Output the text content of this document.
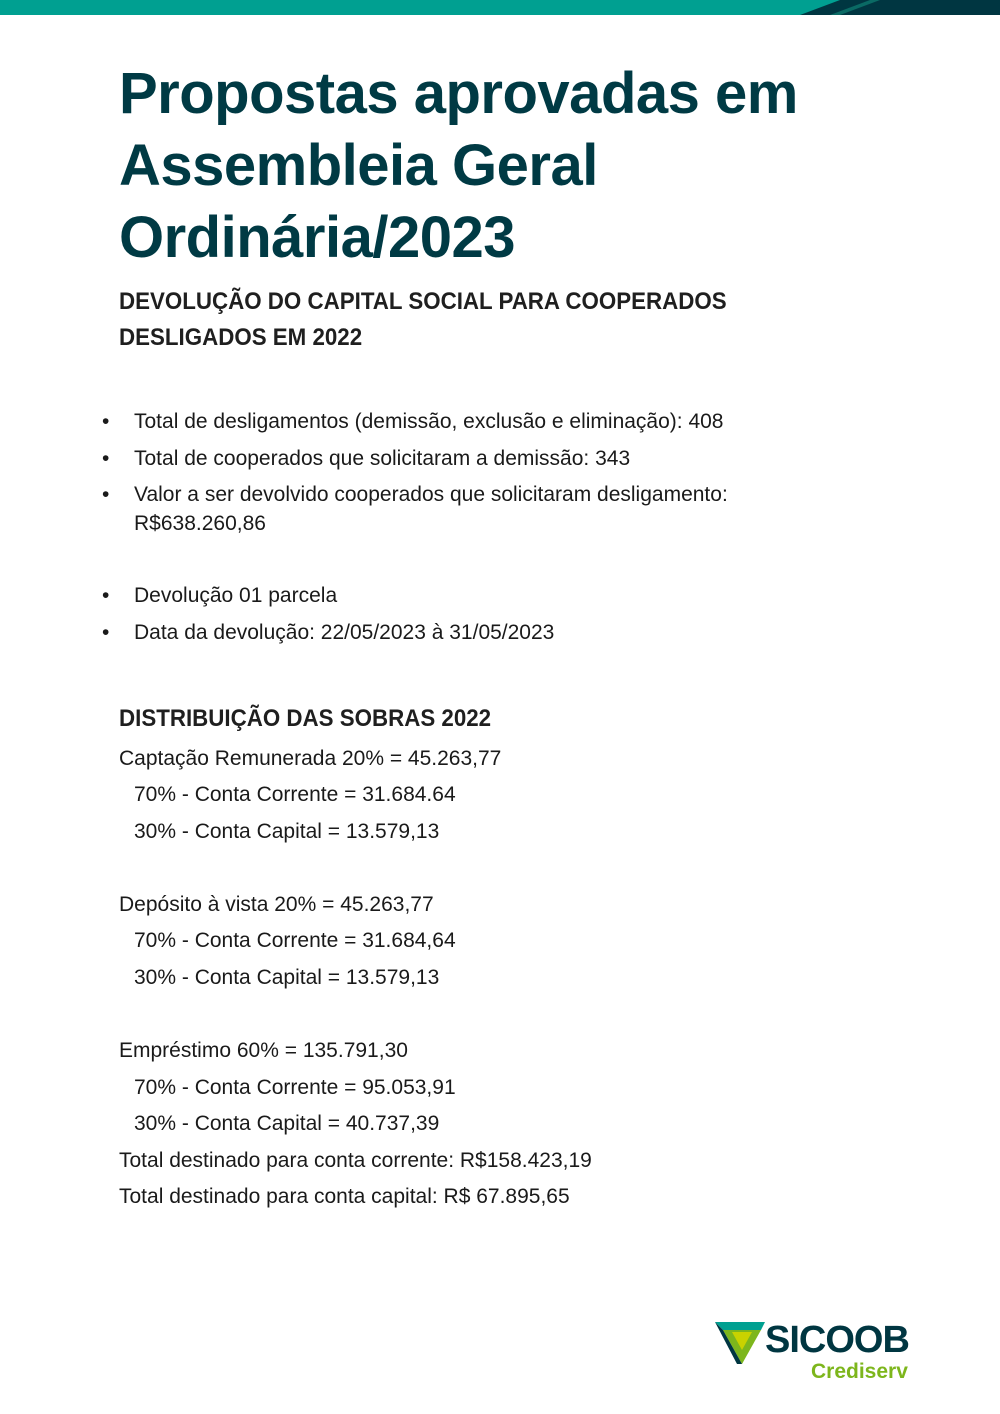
Propostas aprovadas em
Assembleia Geral
Ordinária/2023
DEVOLUÇÃO DO CAPITAL SOCIAL PARA COOPERADOS
DESLIGADOS EM 2022
• Total de desligamentos (demissão, exclusão e eliminação): 408
• Total de cooperados que solicitaram a demissão: 343
• Valor a ser devolvido cooperados que solicitaram desligamento:
R$638.260,86
• Devolução 01 parcela
• Data da devolução: 22/05/2023 à 31/05/2023
DISTRIBUIÇÃO DAS SOBRAS 2022
Captação Remunerada 20% = 45.263,77
70% - Conta Corrente = 31.684.64
30% - Conta Capital = 13.579,13
Depósito à vista 20% = 45.263,77
70% - Conta Corrente = 31.684,64
30% - Conta Capital = 13.579,13
Empréstimo 60% = 135.791,30
70% - Conta Corrente = 95.053,91
30% - Conta Capital = 40.737,39
Total destinado para conta corrente: R$158.423,19
Total destinado para conta capital: R$ 67.895,65
SICOOB
Crediserv
